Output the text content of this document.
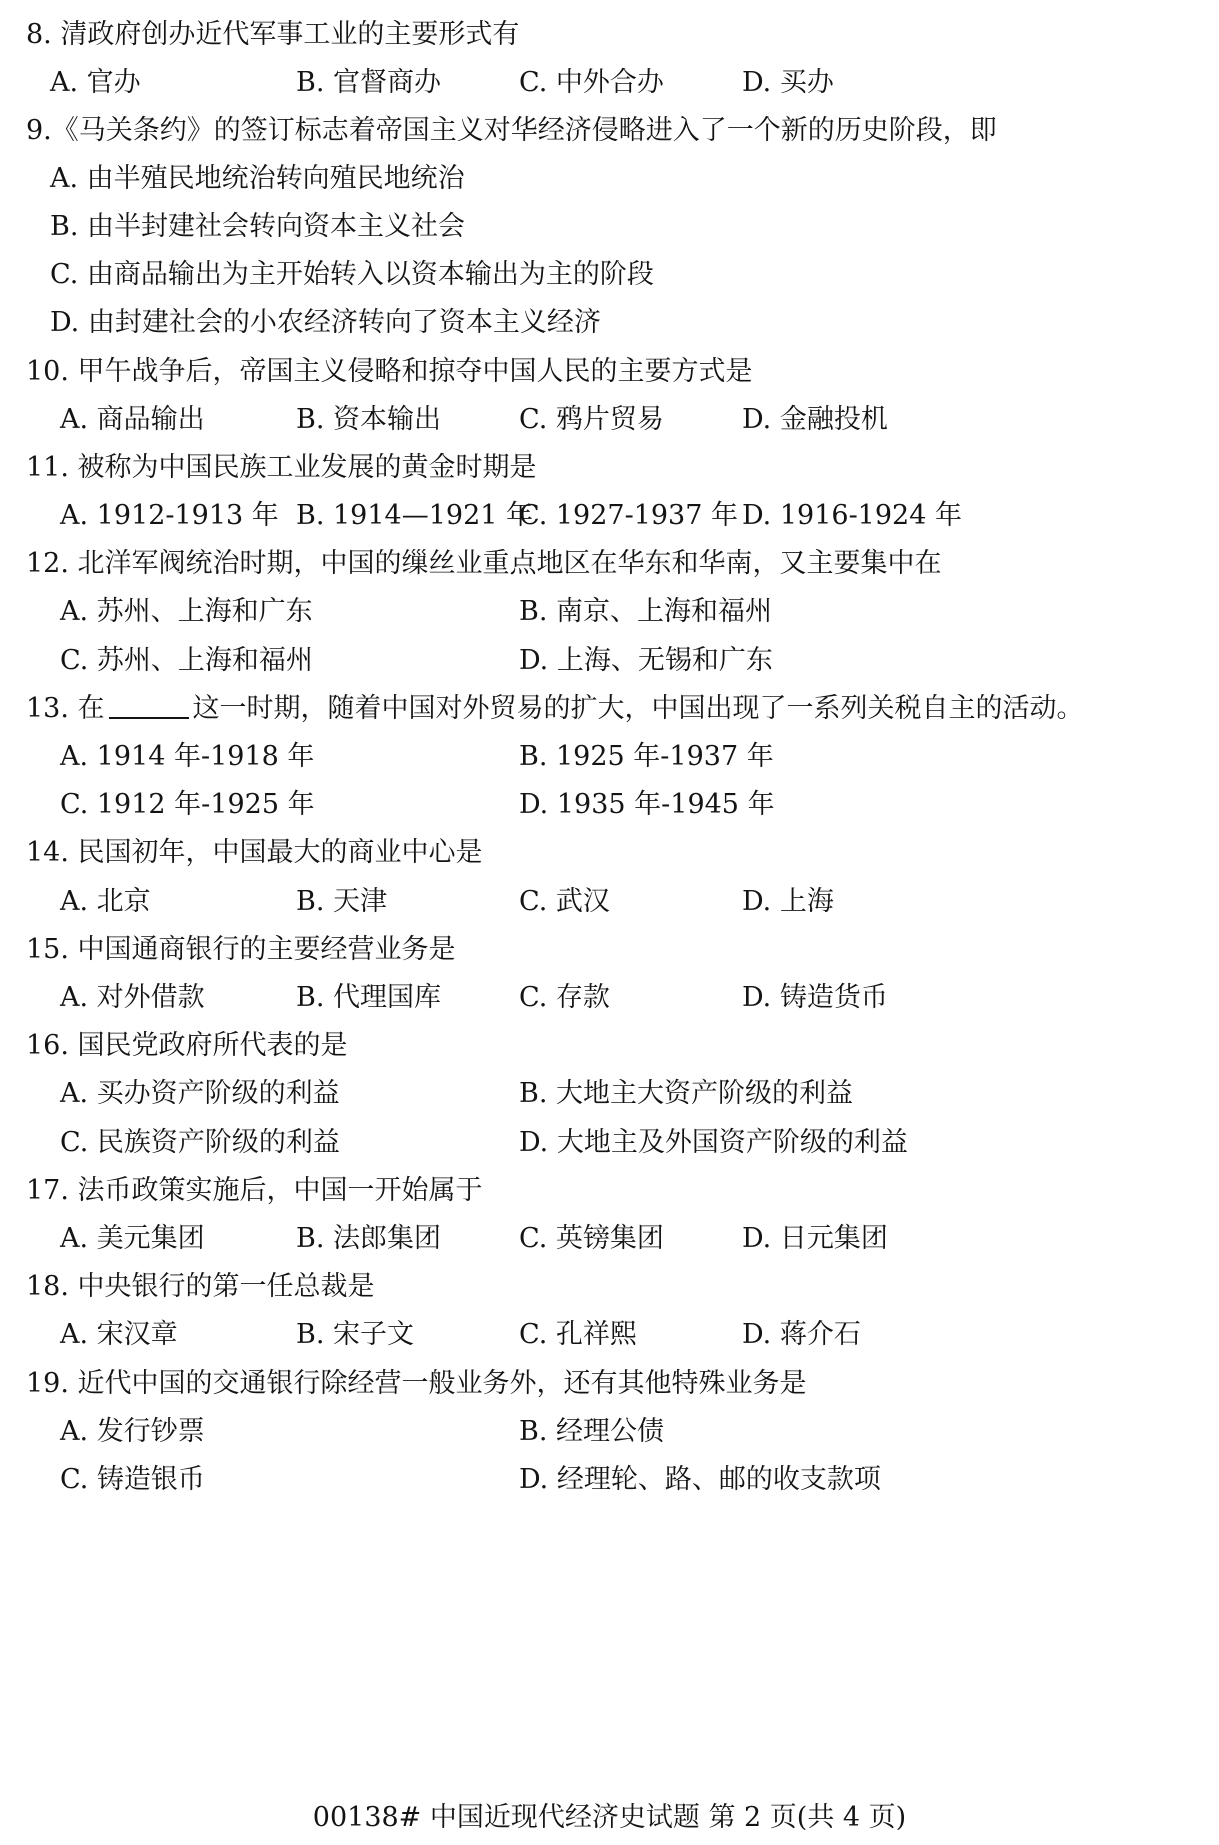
8. 清政府创办近代军事工业的主要形式有
A. 官办	B. 官督商办	C. 中外合办	D. 买办
9.《马关条约》的签订标志着帝国主义对华经济侵略进入了一个新的历史阶段，即
A. 由半殖民地统治转向殖民地统治
B. 由半封建社会转向资本主义社会
C. 由商品输出为主开始转入以资本输出为主的阶段
D. 由封建社会的小农经济转向了资本主义经济
10. 甲午战争后，帝国主义侵略和掠夺中国人民的主要方式是
A. 商品输出	B. 资本输出	C. 鸦片贸易	D. 金融投机
11. 被称为中国民族工业发展的黄金时期是
A. 1912-1913 年 B. 1914—1921 年
C. 1927-1937 年 D. 1916-1924 年
12. 北洋军阀统治时期，中国的缫丝业重点地区在华东和华南，又主要集中在
A. 苏州、上海和广东	B. 南京、上海和福州
C. 苏州、上海和福州	D. 上海、无锡和广东
13. 在	这一时期，随着中国对外贸易的扩大，中国出现了一系列关税自主的活动。
A. 1914 年-1918 年	B. 1925 年-1937 年
C. 1912 年-1925 年	D. 1935 年-1945 年
14. 民国初年，中国最大的商业中心是
A. 北京	B. 天津	C. 武汉	D. 上海
15. 中国通商银行的主要经营业务是
A. 对外借款	B. 代理国库	C. 存款	D. 铸造货币
16. 国民党政府所代表的是
A. 买办资产阶级的利益	B. 大地主大资产阶级的利益
C. 民族资产阶级的利益	D. 大地主及外国资产阶级的利益
17. 法币政策实施后，中国一开始属于
A. 美元集团	B. 法郎集团	C. 英镑集团	D. 日元集团
18. 中央银行的第一任总裁是
A. 宋汉章	B. 宋子文	C. 孔祥熙	D. 蒋介石
19. 近代中国的交通银行除经营一般业务外，还有其他特殊业务是
A. 发行钞票	B. 经理公债
C. 铸造银币	D. 经理轮、路、邮的收支款项
00138# 中国近现代经济史试题 第 2 页(共 4 页)
